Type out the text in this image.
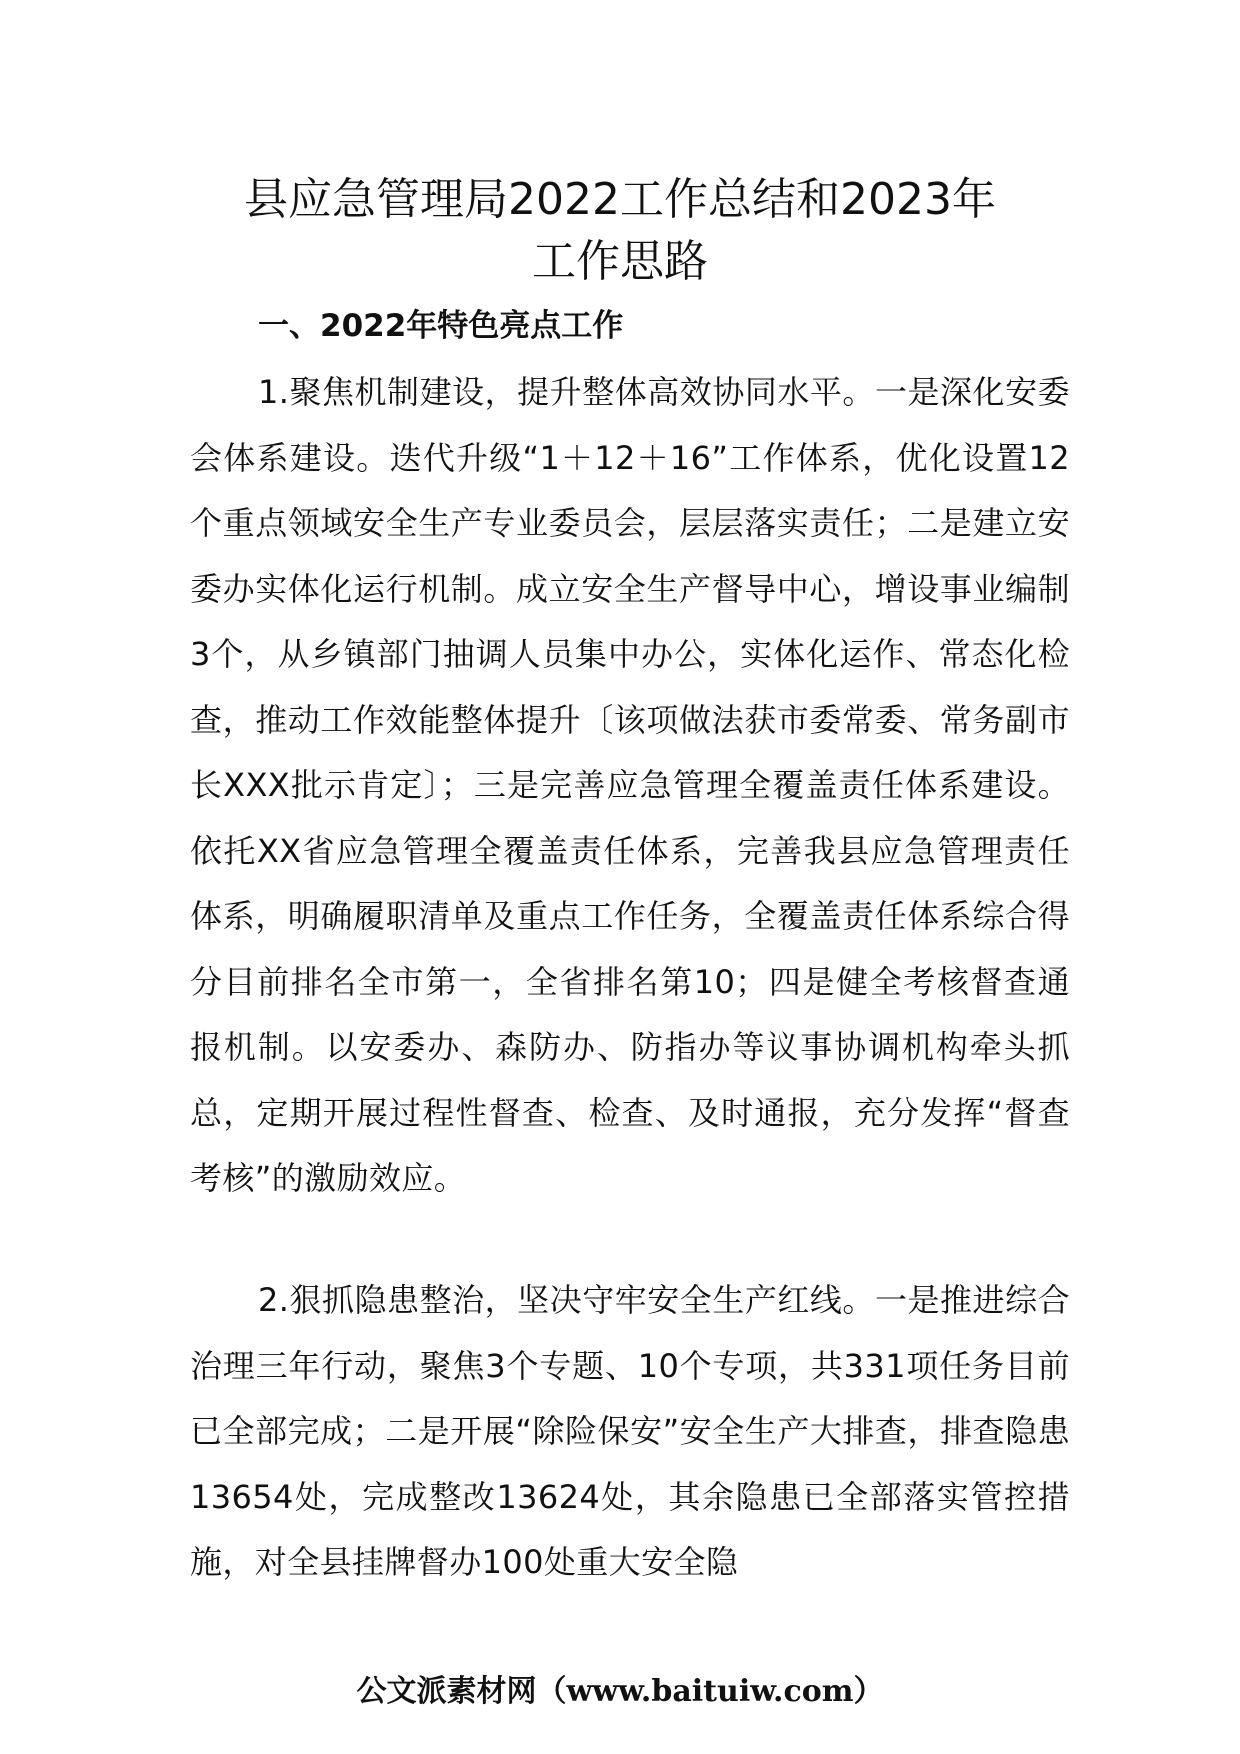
县应急管理局2022工作总结和2023年
工作思路
一、2022年特色亮点工作

1.聚焦机制建设，提升整体高效协同水平。一是深化安委会体系建设。迭代升级“1＋12＋16”工作体系，优化设置12个重点领域安全生产专业委员会，层层落实责任；二是建立安委办实体化运行机制。成立安全生产督导中心，增设事业编制3个，从乡镇部门抽调人员集中办公，实体化运作、常态化检查，推动工作效能整体提升〔该项做法获市委常委、常务副市长XXX批示肯定〕；三是完善应急管理全覆盖责任体系建设。依托XX省应急管理全覆盖责任体系，完善我县应急管理责任体系，明确履职清单及重点工作任务，全覆盖责任体系综合得分目前排名全市第一，全省排名第10；四是健全考核督查通报机制。以安委办、森防办、防指办等议事协调机构牵头抓总，定期开展过程性督查、检查、及时通报，充分发挥“督查考核”的激励效应。

2.狠抓隐患整治，坚决守牢安全生产红线。一是推进综合治理三年行动，聚焦3个专题、10个专项，共331项任务目前已全部完成；二是开展“除险保安”安全生产大排查，排查隐患13654处，完成整改13624处，其余隐患已全部落实管控措施，对全县挂牌督办100处重大安全隐

公文派素材网（www.baituiw.com）
